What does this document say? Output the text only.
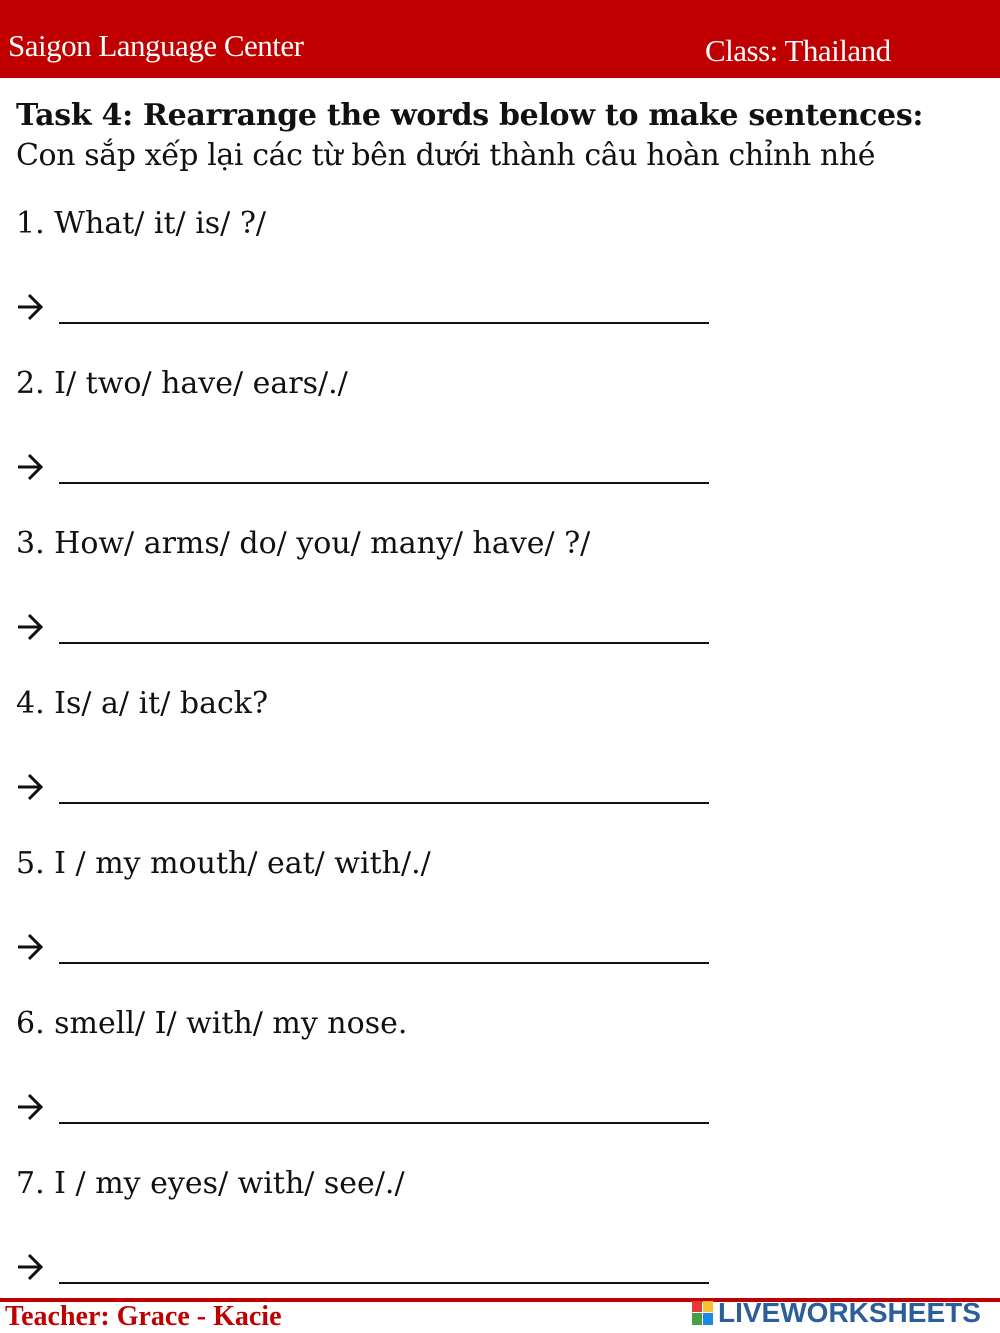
Saigon Language Center	Class: Thailand
Task 4: Rearrange the words below to make sentences:
Con sắp xếp lại các từ bên dưới thành câu hoàn chỉnh nhé
1. What/ it/ is/ ?/
2. I/ two/ have/ ears/./
3. How/ arms/ do/ you/ many/ have/ ?/
4. Is/ a/ it/ back?
5. I / my mouth/ eat/ with/./
6. smell/ I/ with/ my nose.
7. I / my eyes/ with/ see/./
Teacher: Grace - Kacie	LIVEWORKSHEETS
